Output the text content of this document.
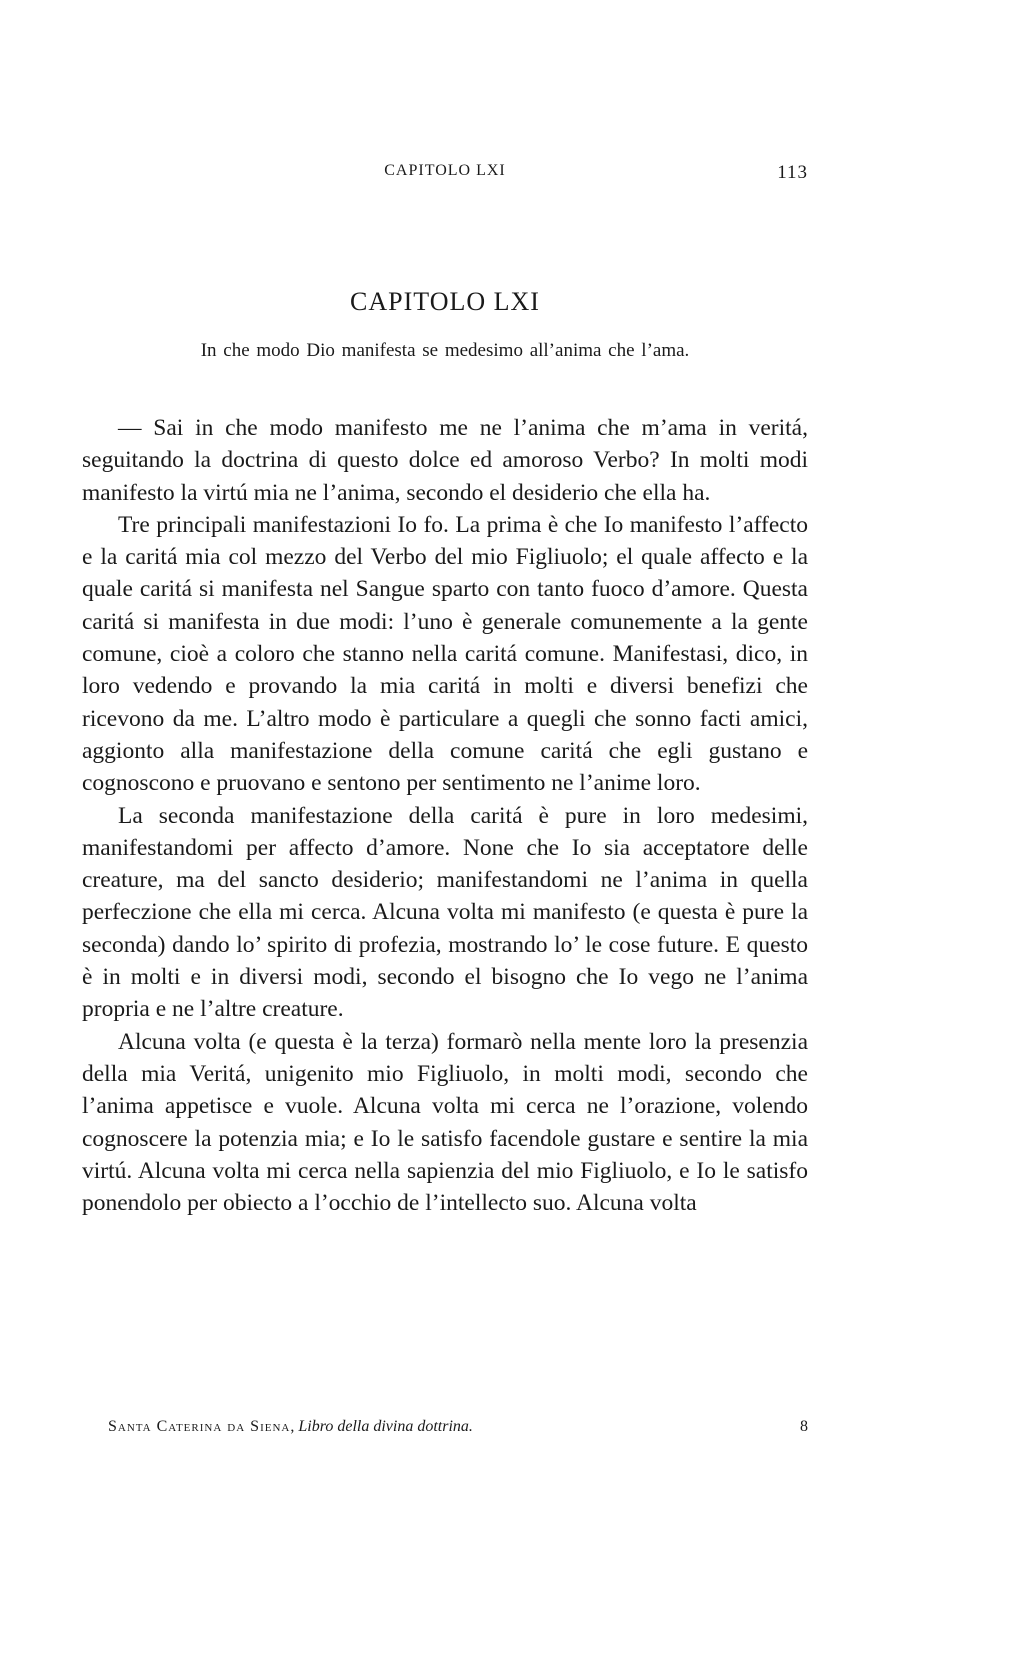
CAPITOLO LXI	113
CAPITOLO LXI
In che modo Dio manifesta se medesimo all’anima che l’ama.

— Sai in che modo manifesto me ne l’anima che m’ama in veritá, seguitando la doctrina di questo dolce ed amoroso Verbo? In molti modi manifesto la virtú mia ne l’anima, secondo el desiderio che ella ha.

Tre principali manifestazioni Io fo. La prima è che Io manifesto l’affecto e la caritá mia col mezzo del Verbo del mio Figliuolo; el quale affecto e la quale caritá si manifesta nel Sangue sparto con tanto fuoco d’amore. Questa caritá si manifesta in due modi: l’uno è generale comunemente a la gente comune, cioè a coloro che stanno nella caritá comune. Manifestasi, dico, in loro vedendo e provando la mia caritá in molti e diversi benefizi che ricevono da me. L’altro modo è particulare a quegli che sonno facti amici, aggionto alla manifestazione della comune caritá che egli gustano e cognoscono e pruovano e sentono per sentimento ne l’anime loro.

La seconda manifestazione della caritá è pure in loro medesimi, manifestandomi per affecto d’amore. None che Io sia acceptatore delle creature, ma del sancto desiderio; manifestandomi ne l’anima in quella perfeczione che ella mi cerca. Alcuna volta mi manifesto (e questa è pure la seconda) dando lo’ spirito di profezia, mostrando lo’ le cose future. E questo è in molti e in diversi modi, secondo el bisogno che Io vego ne l’anima propria e ne l’altre creature.

Alcuna volta (e questa è la terza) formarò nella mente loro la presenzia della mia Veritá, unigenito mio Figliuolo, in molti modi, secondo che l’anima appetisce e vuole. Alcuna volta mi cerca ne l’orazione, volendo cognoscere la potenzia mia; e Io le satisfo facendole gustare e sentire la mia virtú. Alcuna volta mi cerca nella sapienzia del mio Figliuolo, e Io le satisfo ponendolo per obiecto a l’occhio de l’intellecto suo. Alcuna volta

Santa Caterina da Siena, Libro della divina dottrina.	8
